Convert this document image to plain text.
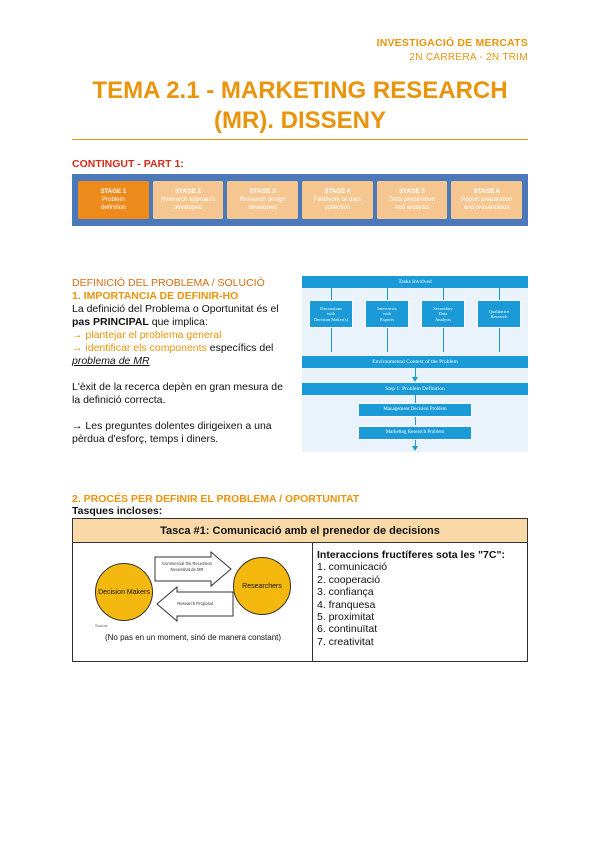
INVESTIGACIÓ DE MERCATS
2N CARRERA - 2N TRIM
TEMA 2.1 - MARKETING RESEARCH
(MR). DISSENY
CONTINGUT - PART 1:
STAGE 1
Problem
definition
STAGE 2
Research approach
developed
STAGE 3
Research design
developed
STAGE 4
Fieldwork or data
collection
STAGE 5
Data preparation
and analysis
STAGE 6
Report preparation
and presentation
DEFINICIÓ DEL PROBLEMA / SOLUCIÓ
1. IMPORTANCIA DE DEFINIR-HO

La definició del Problema o Oportunitat és el pas PRINCIPAL que implica:

→ plantejar el problema general

→ identificar els components específics del problema de MR

L'èxit de la recerca depèn en gran mesura de la definició correcta.

→ Les preguntes dolentes dirigeixen a una pèrdua d'esforç, temps i diners.

Tasks Involved
Discussions
with
Decision Maker(s)
Interviews
with
Experts
Secondary
Data
Analysis
Qualitative
Research
Environmental Context of the Problem
Step 1: Problem Definition
Management Decision Problem
Marketing Research Problem
2. PROCÉS PER DEFINIR EL PROBLEMA / OPORTUNITAT
Tasques incloses:
Tasca #1: Comunicació amb el prenedor de decisions
Decision Makers
Researchers
Commercial the Recession
Necessitat de MR
Research Proposal
Source
(No pas en un moment, sinó de manera constant)
Interaccions fructíferes sota les "7C":
1. comunicació
2. cooperació
3. confiança
4. franquesa
5. proximitat
6. continuïtat
7. creativitat
